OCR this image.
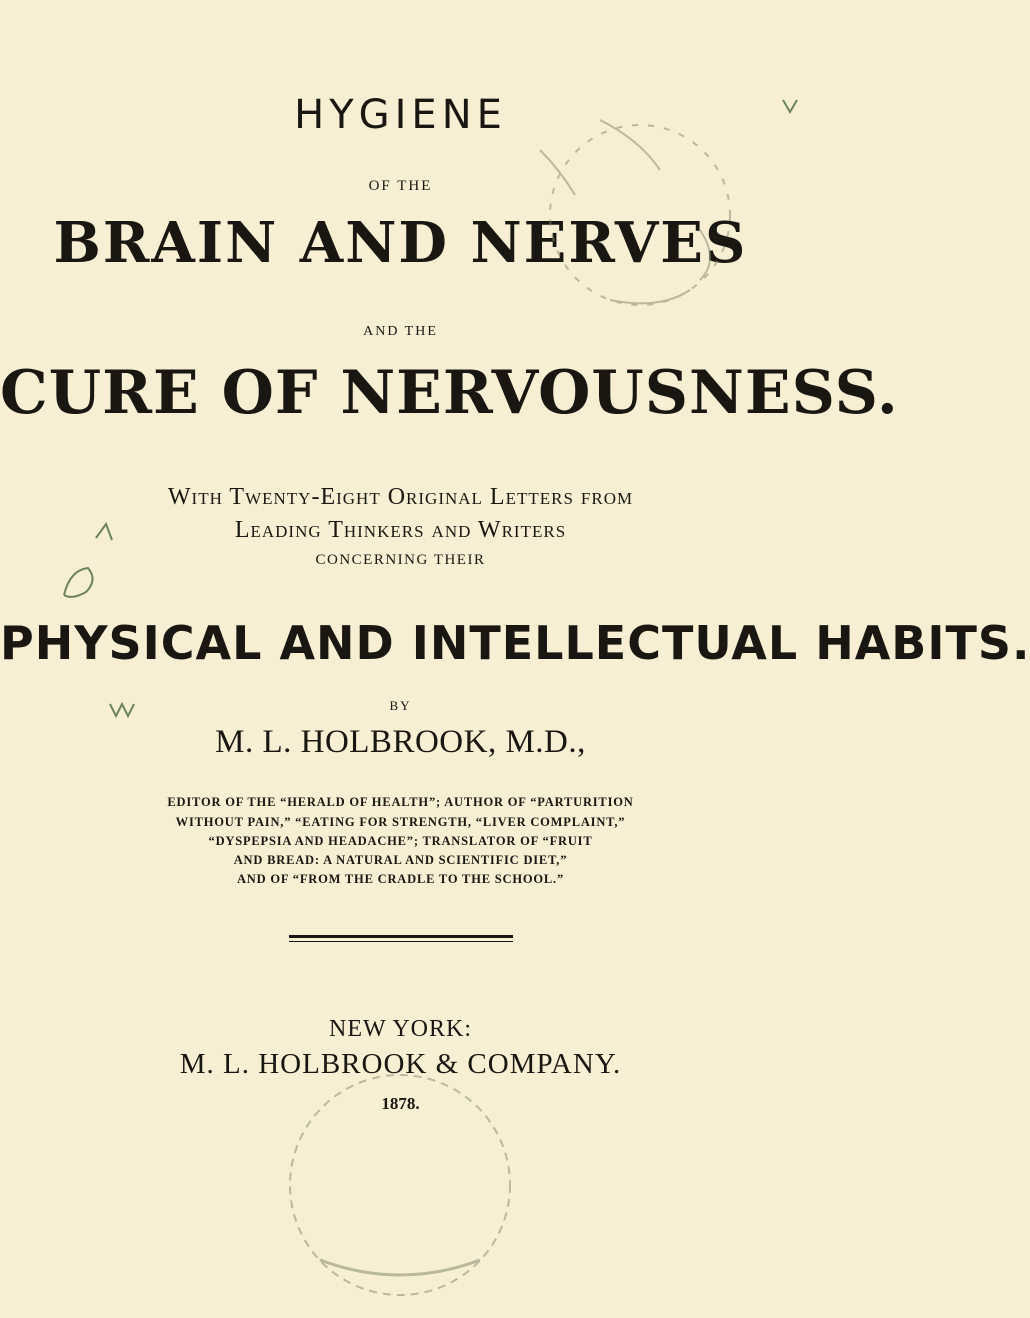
HYGIENE
OF THE
BRAIN AND NERVES
AND THE
CURE OF NERVOUSNESS.
With Twenty-Eight Original Letters from
Leading Thinkers and Writers
CONCERNING THEIR
PHYSICAL AND INTELLECTUAL HABITS.
BY
M. L. HOLBROOK, M.D.,
EDITOR OF THE “HERALD OF HEALTH”; AUTHOR OF “PARTURITION
WITHOUT PAIN,” “EATING FOR STRENGTH, “LIVER COMPLAINT,”
“DYSPEPSIA AND HEADACHE”; TRANSLATOR OF “FRUIT
AND BREAD: A NATURAL AND SCIENTIFIC DIET,”
AND OF “FROM THE CRADLE TO THE SCHOOL.”
NEW YORK:
M. L. HOLBROOK & COMPANY.
1878.
